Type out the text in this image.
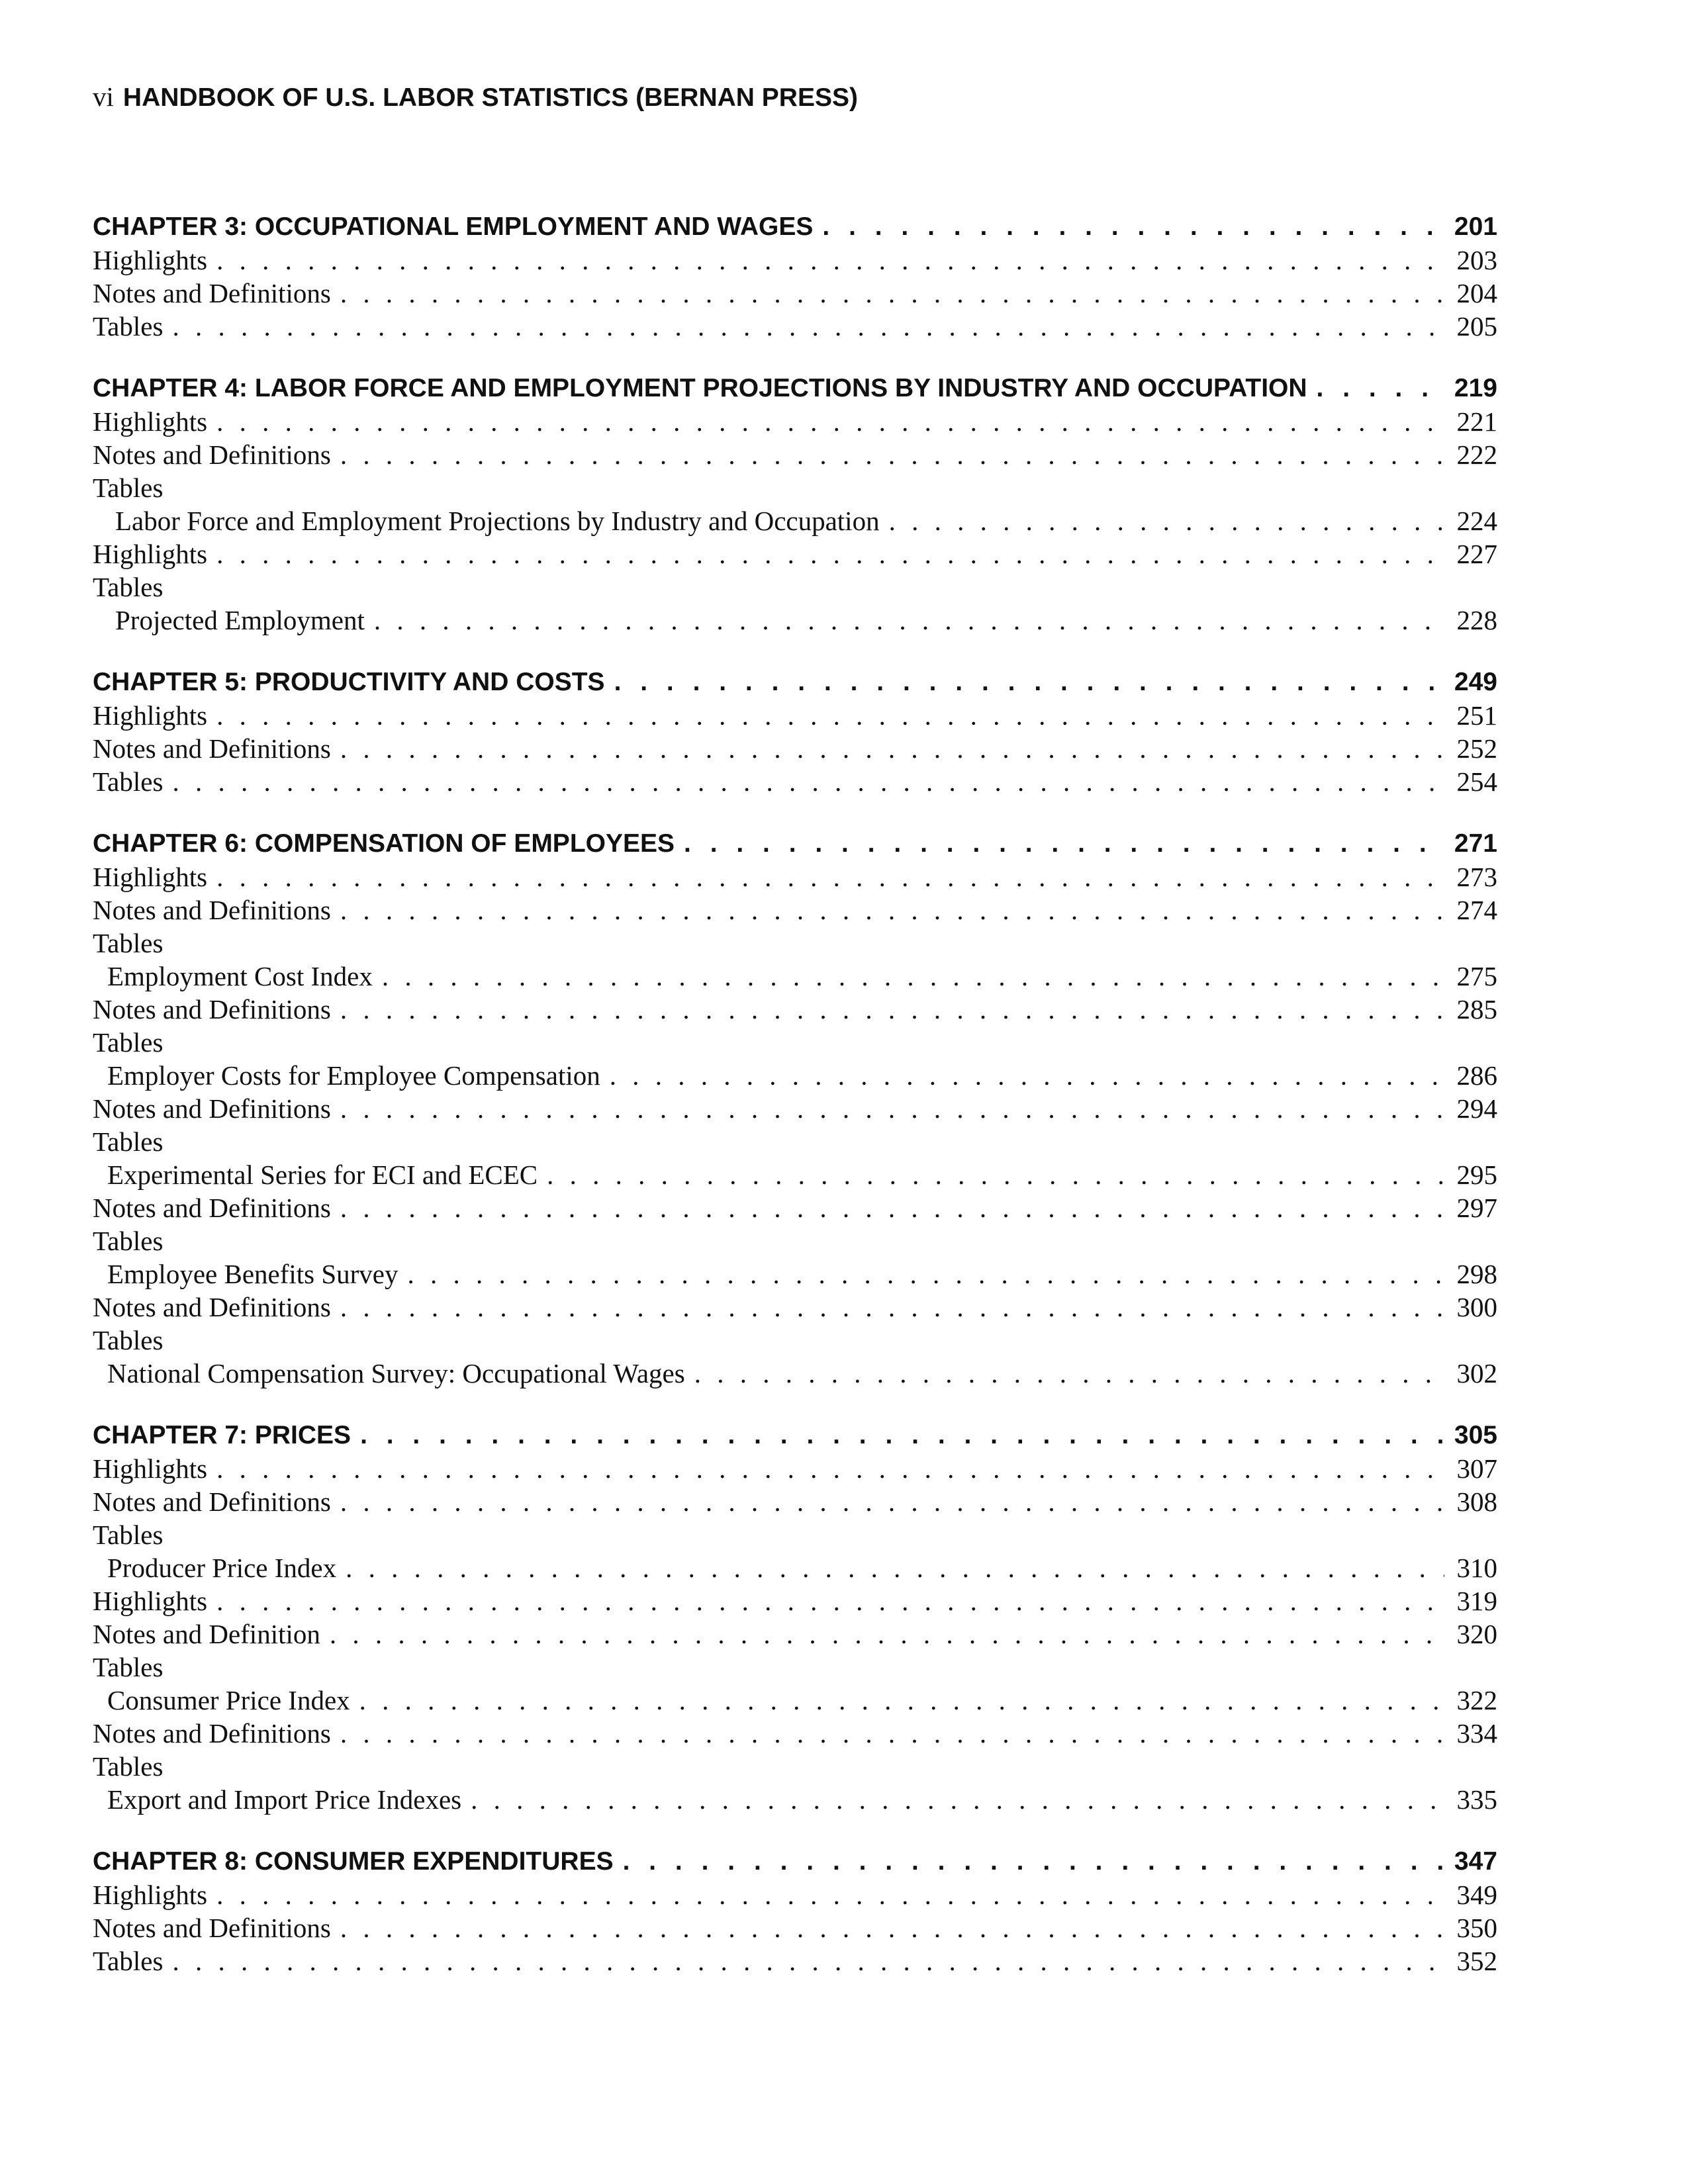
vi HANDBOOK OF U.S. LABOR STATISTICS (BERNAN PRESS)
CHAPTER 3: OCCUPATIONAL EMPLOYMENT AND WAGES . . .	201
Highlights . . .	203
Notes and Definitions . . .	204
Tables . . .	205
CHAPTER 4: LABOR FORCE AND EMPLOYMENT PROJECTIONS BY INDUSTRY AND OCCUPATION . . .	219
Highlights . . .	221
Notes and Definitions . . .	222
Tables
Labor Force and Employment Projections by Industry and Occupation . . .	224
Highlights . . .	227
Tables
Projected Employment . . .	228
CHAPTER 5: PRODUCTIVITY AND COSTS . . .	249
Highlights . . .	251
Notes and Definitions . . .	252
Tables . . .	254
CHAPTER 6: COMPENSATION OF EMPLOYEES . . .	271
Highlights . . .	273
Notes and Definitions . . .	274
Tables
Employment Cost Index . . .	275
Notes and Definitions . . .	285
Tables
Employer Costs for Employee Compensation . . .	286
Notes and Definitions . . .	294
Tables
Experimental Series for ECI and ECEC . . .	295
Notes and Definitions . . .	297
Tables
Employee Benefits Survey . . .	298
Notes and Definitions . . .	300
Tables
National Compensation Survey: Occupational Wages . . .	302
CHAPTER 7: PRICES . . .	305
Highlights . . .	307
Notes and Definitions . . .	308
Tables
Producer Price Index . . .	310
Highlights . . .	319
Notes and Definition . . .	320
Tables
Consumer Price Index . . .	322
Notes and Definitions . . .	334
Tables
Export and Import Price Indexes . . .	335
CHAPTER 8: CONSUMER EXPENDITURES . . .	347
Highlights . . .	349
Notes and Definitions . . .	350
Tables . . .	352
